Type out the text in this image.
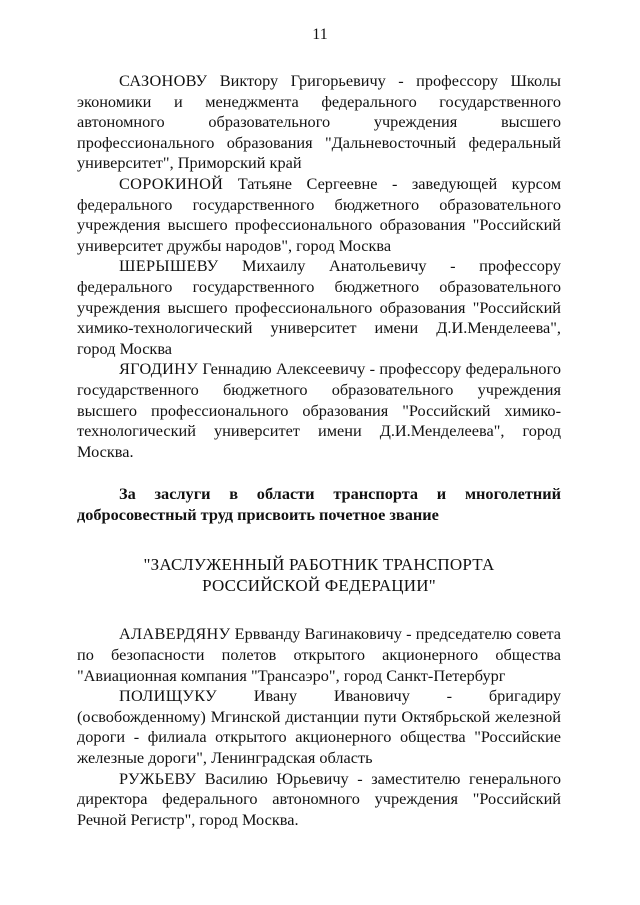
11

САЗОНОВУ Виктору Григорьевичу - профессору Школы экономики и менеджмента федерального государственного автономного образовательного учреждения высшего профессионального образования "Дальневосточный федеральный университет", Приморский край

СОРОКИНОЙ Татьяне Сергеевне - заведующей курсом федерального государственного бюджетного образовательного учреждения высшего профессионального образования "Российский университет дружбы народов", город Москва

ШЕРЫШЕВУ Михаилу Анатольевичу - профессору федерального государственного бюджетного образовательного учреждения высшего профессионального образования "Российский химико-технологический университет имени Д.И.Менделеева", город Москва

ЯГОДИНУ Геннадию Алексеевичу - профессору федерального государственного бюджетного образовательного учреждения высшего профессионального образования "Российский химико-технологический университет имени Д.И.Менделеева", город Москва.

За заслуги в области транспорта и многолетний добросовестный труд присвоить почетное звание

"ЗАСЛУЖЕННЫЙ РАБОТНИК ТРАНСПОРТА
РОССИЙСКОЙ ФЕДЕРАЦИИ"

АЛАВЕРДЯНУ Ервванду Вагинаковичу - председателю совета по безопасности полетов открытого акционерного общества "Авиационная компания "Трансаэро", город Санкт-Петербург

ПОЛИЩУКУ Ивану Ивановичу - бригадиру (освобожденному) Мгинской дистанции пути Октябрьской железной дороги - филиала открытого акционерного общества "Российские железные дороги", Ленинградская область

РУЖЬЕВУ Василию Юрьевичу - заместителю генерального директора федерального автономного учреждения "Российский Речной Регистр", город Москва.
